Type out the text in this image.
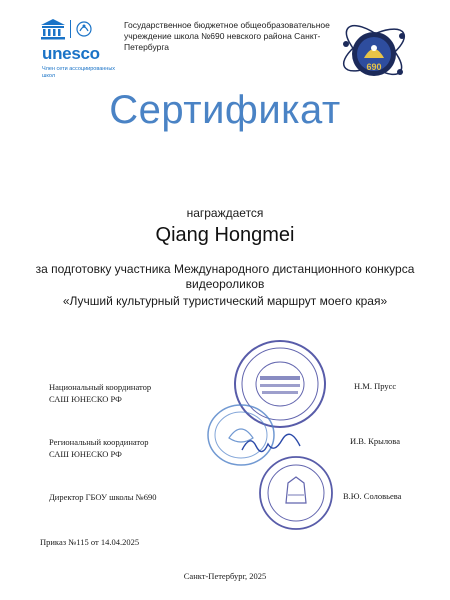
unesco
Член сети ассоциированных школ
Государственное бюджетное общеобразовательное учреждение школа №690 невского района Санкт-Петербурга
690
Сертификат
награждается
Qiang Hongmei
за подготовку участника Международного дистанционного конкурса видеороликов
«Лучший культурный туристический маршрут моего края»
Национальный координатор
САШ ЮНЕСКО РФ
Н.М. Прусс
Региональный координатор
САШ ЮНЕСКО РФ
И.В. Крылова
Директор ГБОУ школы №690	В.Ю. Соловьева
Приказ №115 от 14.04.2025
Санкт-Петербург, 2025
